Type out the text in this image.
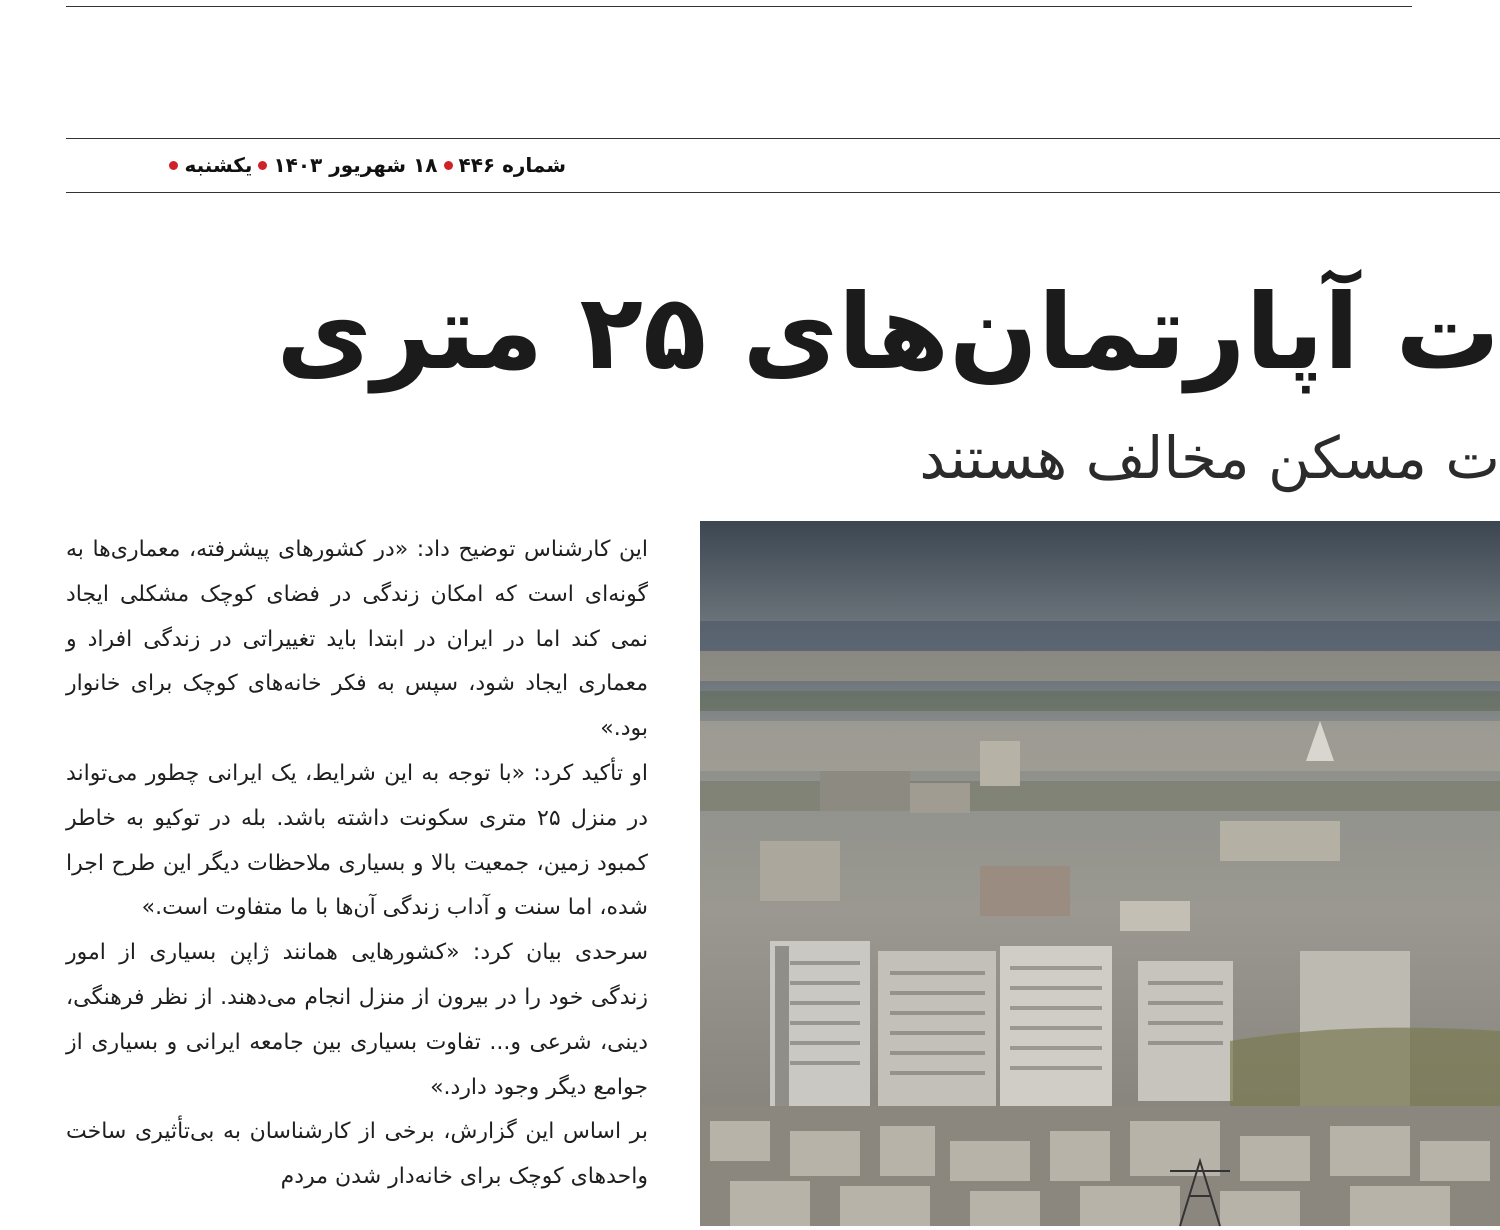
یکشنبه ۱۸ شهریور ۱۴۰۳ شماره ۴۴۶
ت آپارتمان‌های ۲۵ متری
ت مسکن مخالف هستند

این کارشناس توضیح داد: «در کشورهای پیشرفته، معماری‌ها به گونه‌ای است که امکان زندگی در فضای کوچک مشکلی ایجاد نمی کند اما در ایران در ابتدا باید تغییراتی در زندگی افراد و معماری ایجاد شود، سپس به فکر خانه‌های کوچک برای خانوار بود.»

او تأکید کرد: «با توجه به این شرایط، یک ایرانی چطور می‌تواند در منزل ۲۵ متری سکونت داشته باشد. بله در توکیو به خاطر کمبود زمین، جمعیت بالا و بسیاری ملاحظات دیگر این طرح اجرا شده، اما سنت و آداب زندگی آن‌ها با ما متفاوت است.»

سرحدی بیان کرد: «کشورهایی همانند ژاپن بسیاری از امور زندگی خود را در بیرون از منزل انجام می‌دهند. از نظر فرهنگی، دینی، شرعی و... تفاوت بسیاری بین جامعه ایرانی و بسیاری از جوامع دیگر وجود دارد.»

بر اساس این گزارش، برخی از کارشناسان به بی‌تأثیری ساخت واحدهای کوچک برای خانه‌دار شدن مردم
